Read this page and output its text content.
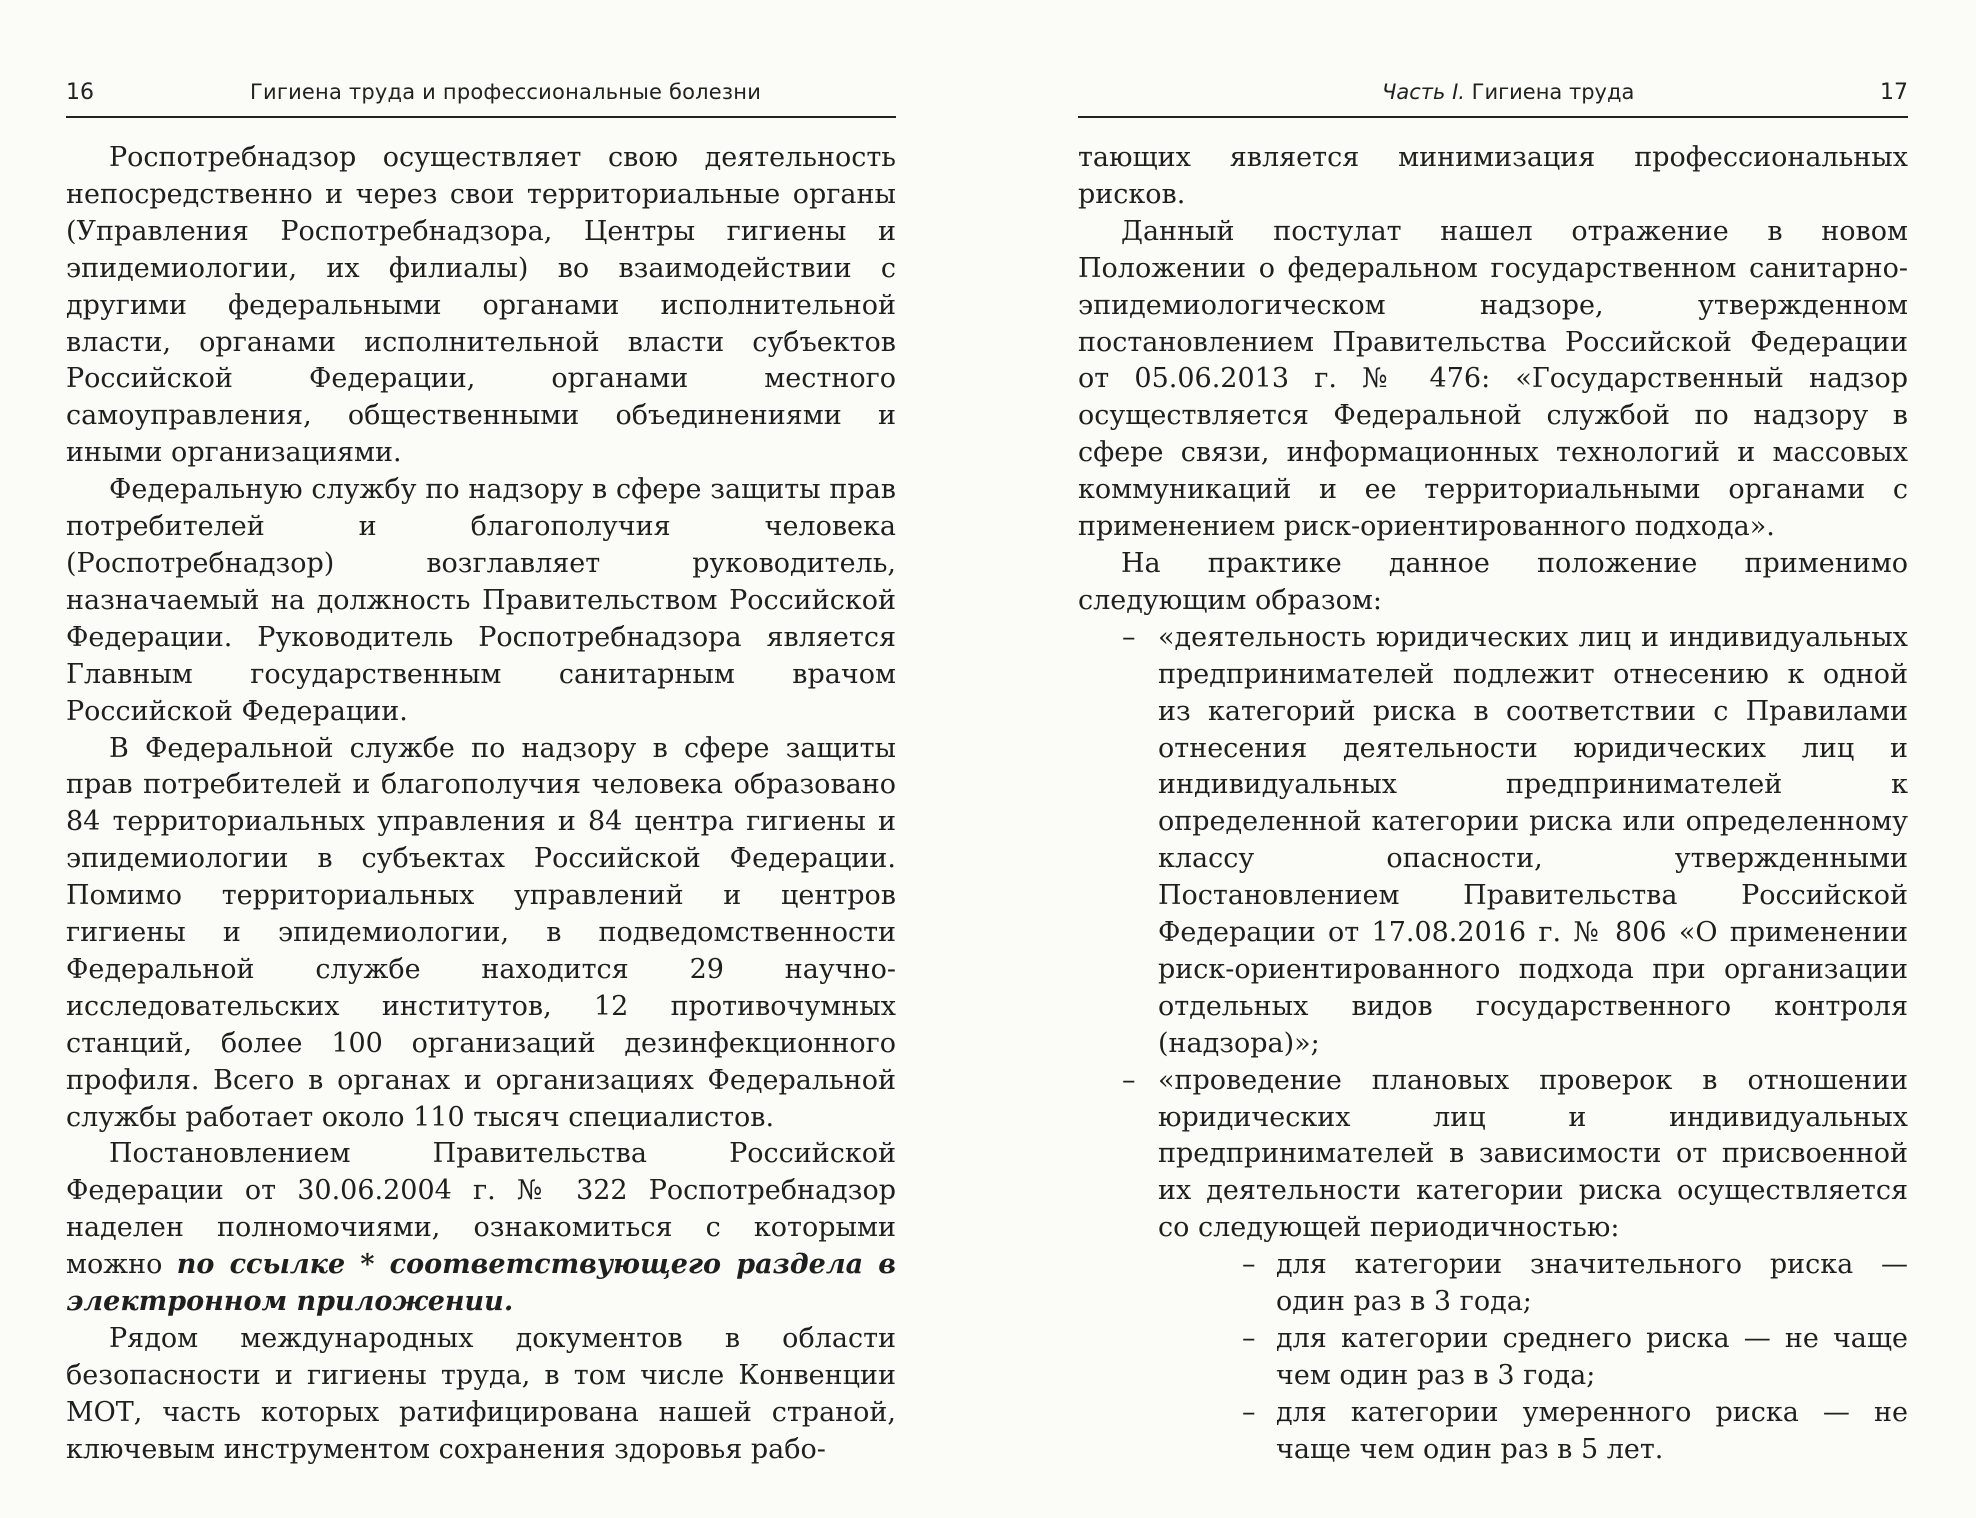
16	Гигиена труда и профессиональные болезни

Роспотребнадзор осуществляет свою деятельность непосредственно и через свои территориальные органы (Управления Роспотребнадзора, Центры гигиены и эпидемиологии, их филиалы) во взаимодействии с другими федеральными органами исполнительной власти, органами исполнительной власти субъектов Российской Федерации, органами местного самоуправления, общественными объединениями и иными организациями.

Федеральную службу по надзору в сфере защиты прав потребителей и благополучия человека (Роспотребнадзор) возглавляет руководитель, назначаемый на должность Правительством Российской Федерации. Руководитель Роспотребнадзора является Главным государственным санитарным врачом Российской Федерации.

В Федеральной службе по надзору в сфере защиты прав потребителей и благополучия человека образовано 84 территориальных управления и 84 центра гигиены и эпидемиологии в субъектах Российской Федерации. Помимо территориальных управлений и центров гигиены и эпидемиологии, в подведомственности Федеральной службе находится 29 научно-исследовательских институтов, 12 противочумных станций, более 100 организаций дезинфекционного профиля. Всего в органах и организациях Федеральной службы работает около 110 тысяч специалистов.

Постановлением Правительства Российской Федерации от 30.06.2004 г. № 322 Роспотребнадзор наделен полномочиями, ознакомиться с которыми можно по ссылке * соответствующего раздела в электронном приложении.

Рядом международных документов в области безопасности и гигиены труда, в том числе Конвенции МОТ, часть которых ратифицирована нашей страной, ключевым инструментом сохранения здоровья рабо-

Часть I. Гигиена труда	17

тающих является минимизация профессиональных рисков.

Данный постулат нашел отражение в новом Положении о федеральном государственном санитарно-эпидемиологическом надзоре, утвержденном постановлением Правительства Российской Федерации от 05.06.2013 г. № 476: «Государственный надзор осуществляется Федеральной службой по надзору в сфере связи, информационных технологий и массовых коммуникаций и ее территориальными органами с применением риск-ориентированного подхода».

На практике данное положение применимо следующим образом:

– «деятельность юридических лиц и индивидуальных предпринимателей подлежит отнесению к одной из категорий риска в соответствии с Правилами отнесения деятельности юридических лиц и индивидуальных предпринимателей к определенной категории риска или определенному классу опасности, утвержденными Постановлением Правительства Российской Федерации от 17.08.2016 г. № 806 «О применении риск-ориентированного подхода при организации отдельных видов государственного контроля (надзора)»;
– «проведение плановых проверок в отношении юридических лиц и индивидуальных предпринимателей в зависимости от присвоенной их деятельности категории риска осуществляется со следующей периодичностью:
– для категории значительного риска — один раз в 3 года;
– для категории среднего риска — не чаще чем один раз в 3 года;
– для категории умеренного риска — не чаще чем один раз в 5 лет.
